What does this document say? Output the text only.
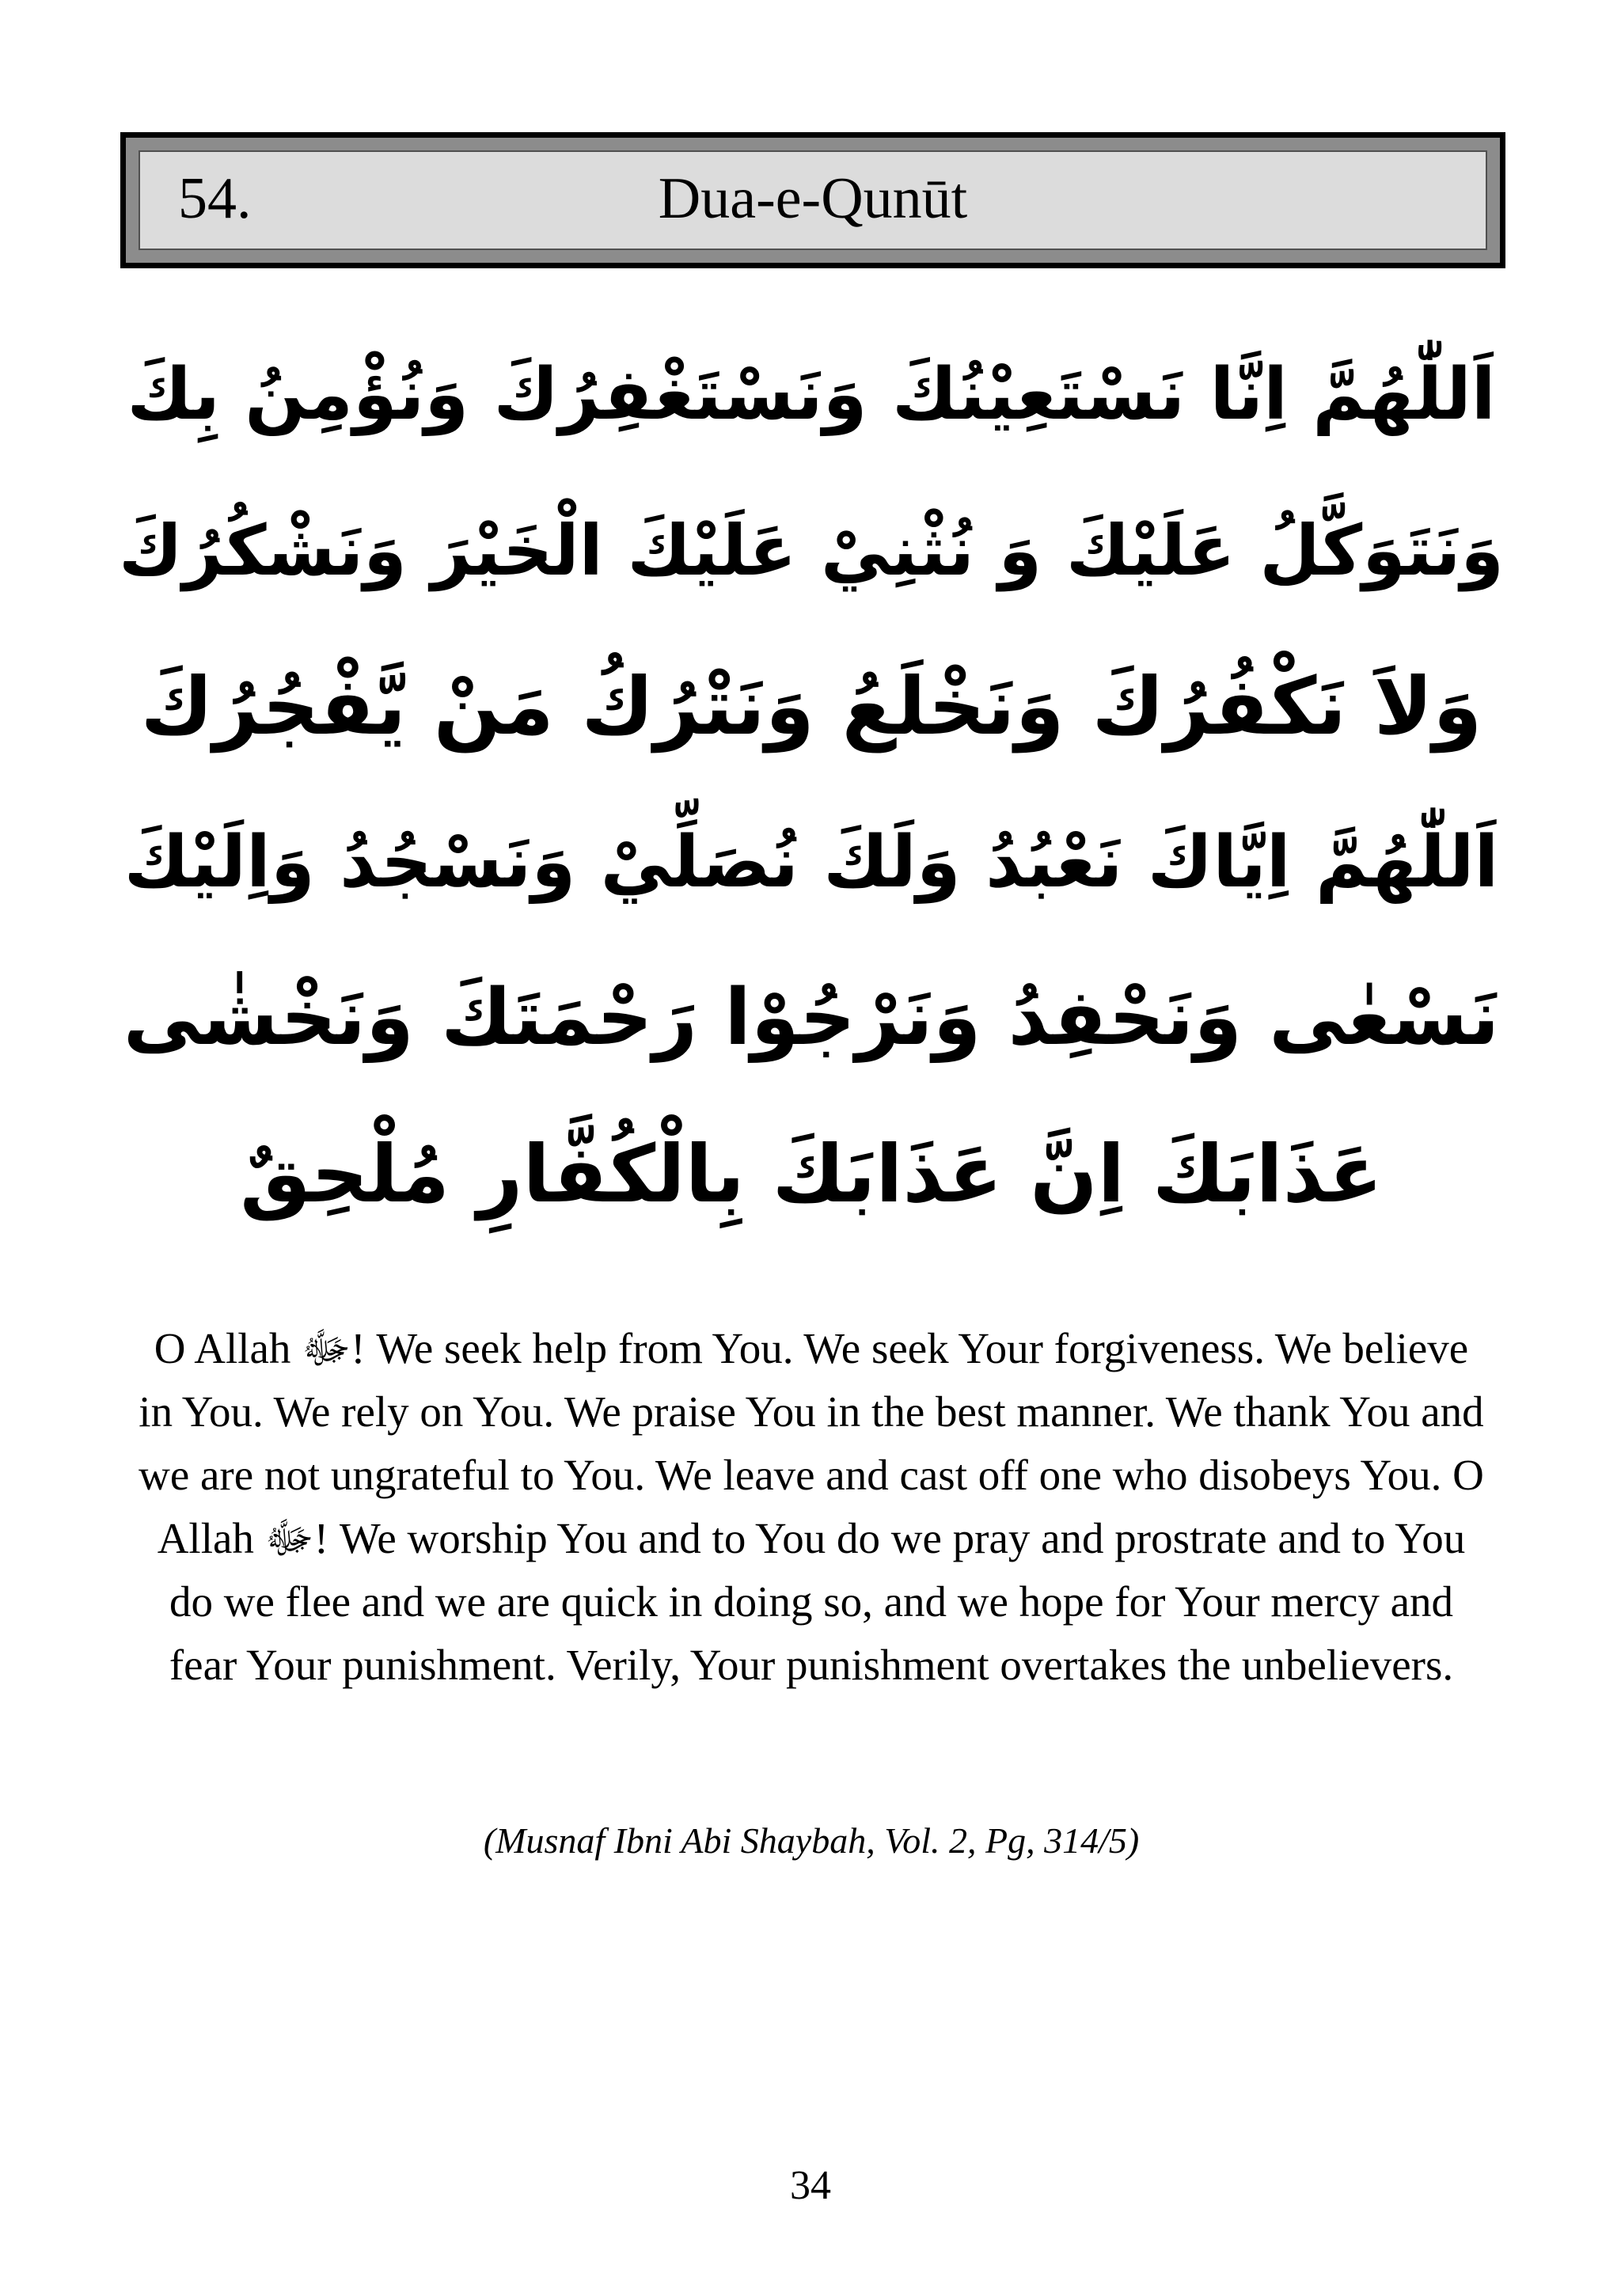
54.	Dua-e-Qunūt
اَللّٰهُمَّ اِنَّا نَسْتَعِيْنُكَ وَنَسْتَغْفِرُكَ وَنُؤْمِنُ بِكَ
وَنَتَوَكَّلُ عَلَيْكَ وَ نُثْنِيْ عَلَيْكَ الْخَيْرَ وَنَشْكُرُكَ
وَلاَ نَكْفُرُكَ وَنَخْلَعُ وَنَتْرُكُ مَنْ يَّفْجُرُكَ
اَللّٰهُمَّ اِيَّاكَ نَعْبُدُ وَلَكَ نُصَلِّيْ وَنَسْجُدُ وَاِلَيْكَ
نَسْعٰى وَنَحْفِدُ وَنَرْجُوْا رَحْمَتَكَ وَنَخْشٰى
عَذَابَكَ اِنَّ عَذَابَكَ بِالْكُفَّارِ مُلْحِقٌ

O Allah ﷻ! We seek help from You. We seek Your forgiveness. We believe in You. We rely on You. We praise You in the best manner. We thank You and we are not ungrateful to You. We leave and cast off one who disobeys You. O Allah ﷻ! We worship You and to You do we pray and prostrate and to You do we flee and we are quick in doing so, and we hope for Your mercy and fear Your punishment. Verily, Your punishment overtakes the unbelievers.

(Musnaf Ibni Abi Shaybah, Vol. 2, Pg, 314/5)
34
